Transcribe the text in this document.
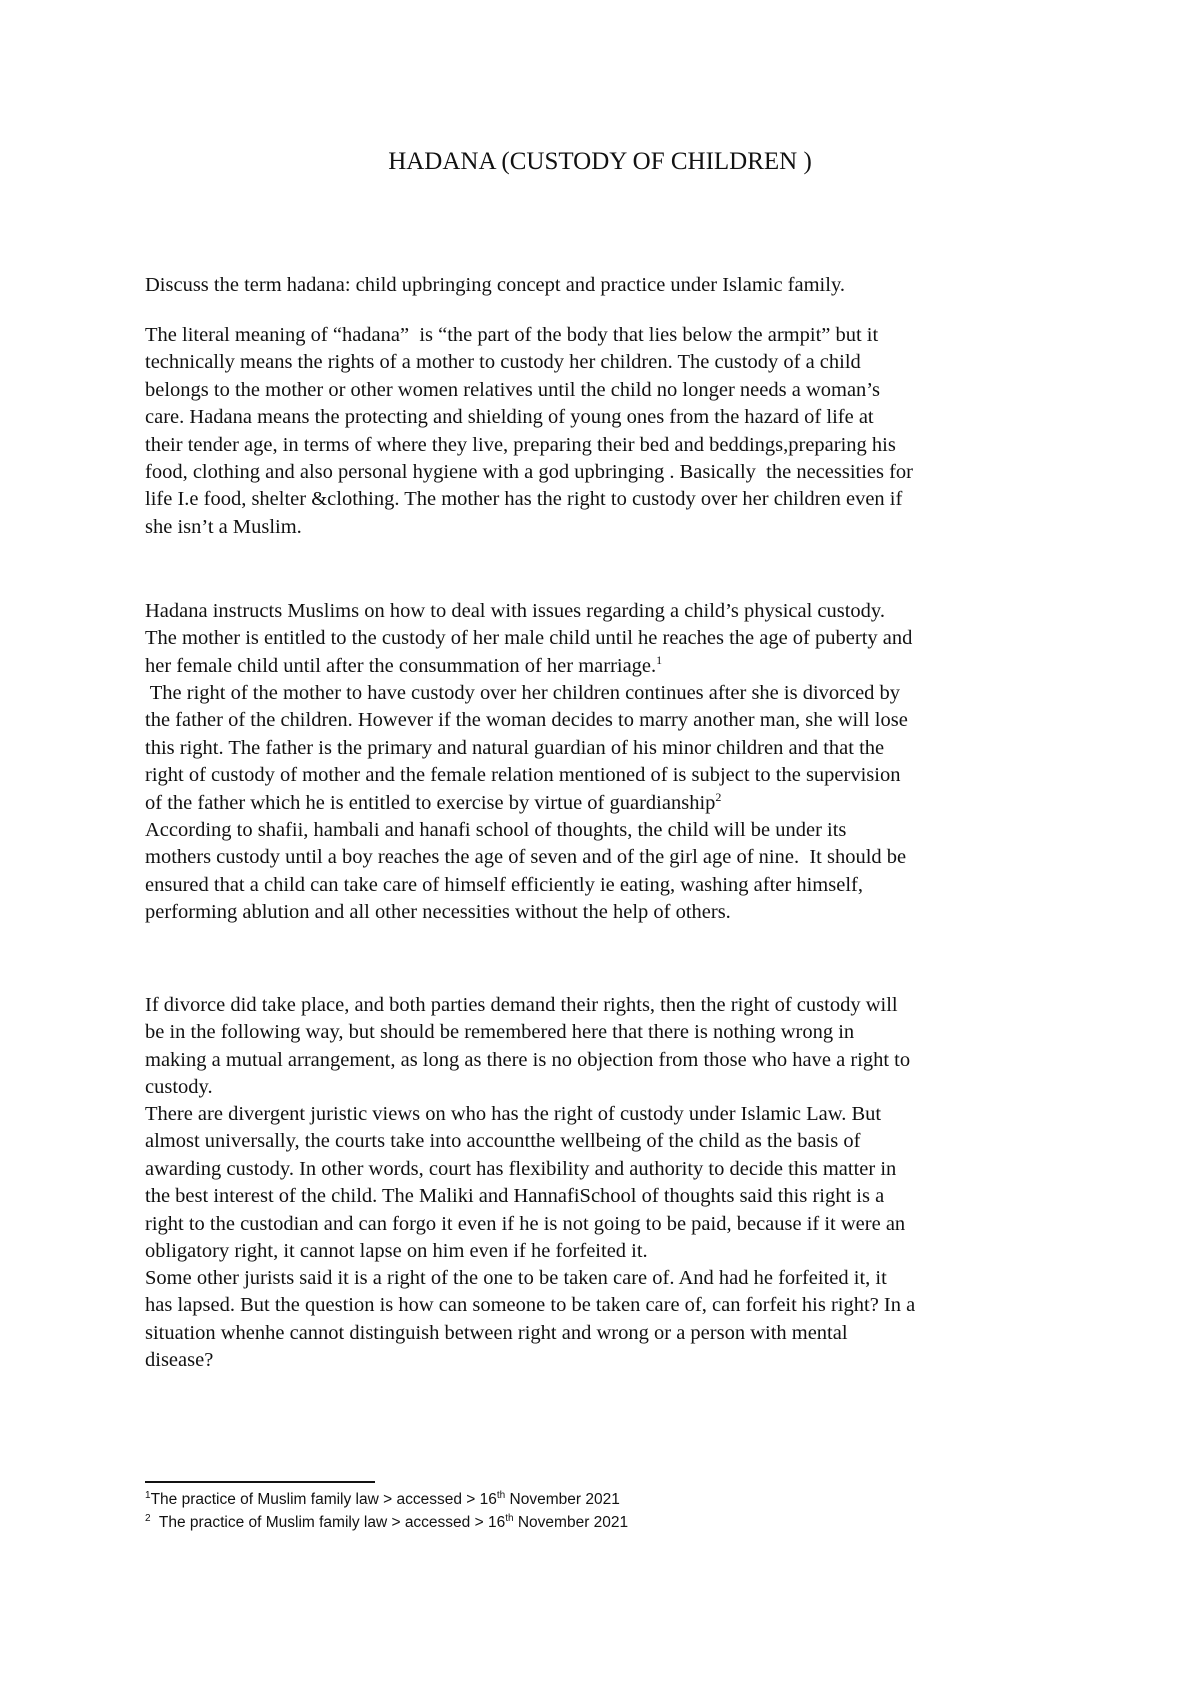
HADANA (CUSTODY OF CHILDREN )
Discuss the term hadana: child upbringing concept and practice under Islamic family.
The literal meaning of “hadana”  is “the part of the body that lies below the armpit” but it
technically means the rights of a mother to custody her children. The custody of a child
belongs to the mother or other women relatives until the child no longer needs a woman’s
care. Hadana means the protecting and shielding of young ones from the hazard of life at
their tender age, in terms of where they live, preparing their bed and beddings,preparing his
food, clothing and also personal hygiene with a god upbringing . Basically  the necessities for
life I.e food, shelter &clothing. The mother has the right to custody over her children even if
she isn’t a Muslim.
Hadana instructs Muslims on how to deal with issues regarding a child’s physical custody.
The mother is entitled to the custody of her male child until he reaches the age of puberty and
her female child until after the consummation of her marriage.$^1$
The right of the mother to have custody over her children continues after she is divorced by
the father of the children. However if the woman decides to marry another man, she will lose
this right. The father is the primary and natural guardian of his minor children and that the
right of custody of mother and the female relation mentioned of is subject to the supervision
of the father which he is entitled to exercise by virtue of guardianship$^2$
According to shafii, hambali and hanafi school of thoughts, the child will be under its
mothers custody until a boy reaches the age of seven and of the girl age of nine.  It should be
ensured that a child can take care of himself efficiently ie eating, washing after himself,
performing ablution and all other necessities without the help of others.
If divorce did take place, and both parties demand their rights, then the right of custody will
be in the following way, but should be remembered here that there is nothing wrong in
making a mutual arrangement, as long as there is no objection from those who have a right to
custody.
There are divergent juristic views on who has the right of custody under Islamic Law. But
almost universally, the courts take into accountthe wellbeing of the child as the basis of
awarding custody. In other words, court has flexibility and authority to decide this matter in
the best interest of the child. The Maliki and HannafiSchool of thoughts said this right is a
right to the custodian and can forgo it even if he is not going to be paid, because if it were an
obligatory right, it cannot lapse on him even if he forfeited it.
Some other jurists said it is a right of the one to be taken care of. And had he forfeited it, it
has lapsed. But the question is how can someone to be taken care of, can forfeit his right? In a
situation whenhe cannot distinguish between right and wrong or a person with mental
disease?
$^1$The practice of Muslim family law > accessed > 16th November 2021
$^2$  The practice of Muslim family law > accessed > 16th November 2021
